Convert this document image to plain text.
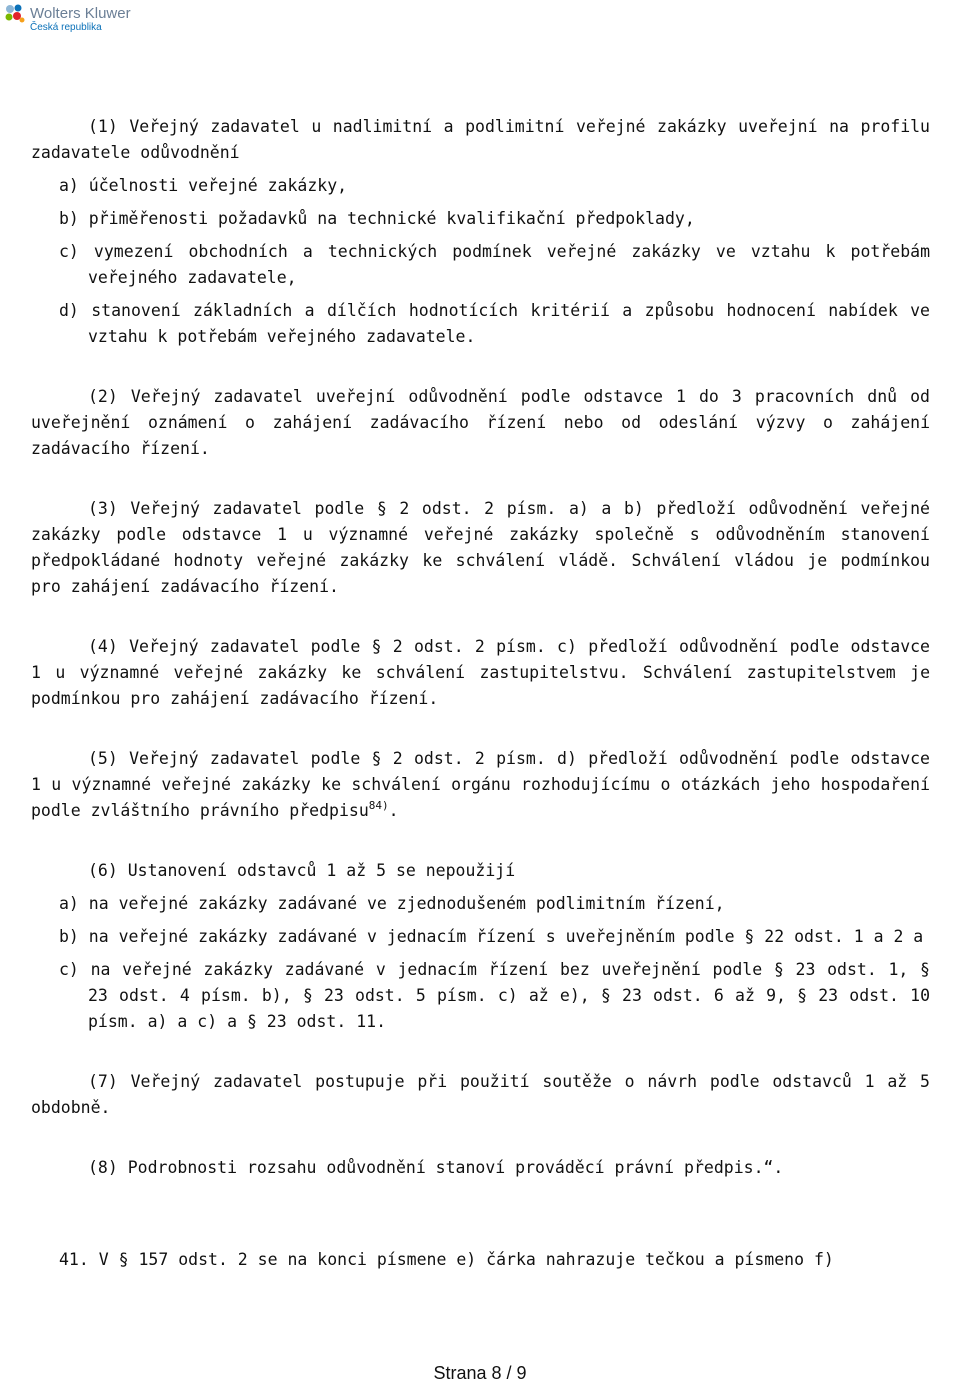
Wolters Kluwer
Česká republika

(1) Veřejný zadavatel u nadlimitní a podlimitní veřejné zakázky uveřejní na profilu zadavatele odůvodnění

a) účelnosti veřejné zakázky,

b) přiměřenosti požadavků na technické kvalifikační předpoklady,

c) vymezení obchodních a technických podmínek veřejné zakázky ve vztahu k potřebám veřejného zadavatele,

d) stanovení základních a dílčích hodnotících kritérií a způsobu hodnocení nabídek ve vztahu k potřebám veřejného zadavatele.

(2) Veřejný zadavatel uveřejní odůvodnění podle odstavce 1 do 3 pracovních dnů od uveřejnění oznámení o zahájení zadávacího řízení nebo od odeslání výzvy o zahájení zadávacího řízení.

(3) Veřejný zadavatel podle § 2 odst. 2 písm. a) a b) předloží odůvodnění veřejné zakázky podle odstavce 1 u významné veřejné zakázky společně s odůvodněním stanovení předpokládané hodnoty veřejné zakázky ke schválení vládě. Schválení vládou je podmínkou pro zahájení zadávacího řízení.

(4) Veřejný zadavatel podle § 2 odst. 2 písm. c) předloží odůvodnění podle odstavce 1 u významné veřejné zakázky ke schválení zastupitelstvu. Schválení zastupitelstvem je podmínkou pro zahájení zadávacího řízení.

(5) Veřejný zadavatel podle § 2 odst. 2 písm. d) předloží odůvodnění podle odstavce 1 u významné veřejné zakázky ke schválení orgánu rozhodujícímu o otázkách jeho hospodaření podle zvláštního právního předpisu$^{84)}$.

(6) Ustanovení odstavců 1 až 5 se nepoužijí

a) na veřejné zakázky zadávané ve zjednodušeném podlimitním řízení,

b) na veřejné zakázky zadávané v jednacím řízení s uveřejněním podle § 22 odst. 1 a 2 a

c) na veřejné zakázky zadávané v jednacím řízení bez uveřejnění podle § 23 odst. 1, § 23 odst. 4 písm. b), § 23 odst. 5 písm. c) až e), § 23 odst. 6 až 9, § 23 odst. 10 písm. a) a c) a § 23 odst. 11.

(7) Veřejný zadavatel postupuje při použití soutěže o návrh podle odstavců 1 až 5 obdobně.

(8) Podrobnosti rozsahu odůvodnění stanoví prováděcí právní předpis.“.

41. V § 157 odst. 2 se na konci písmene e) čárka nahrazuje tečkou a písmeno f)

Strana 8 / 9
